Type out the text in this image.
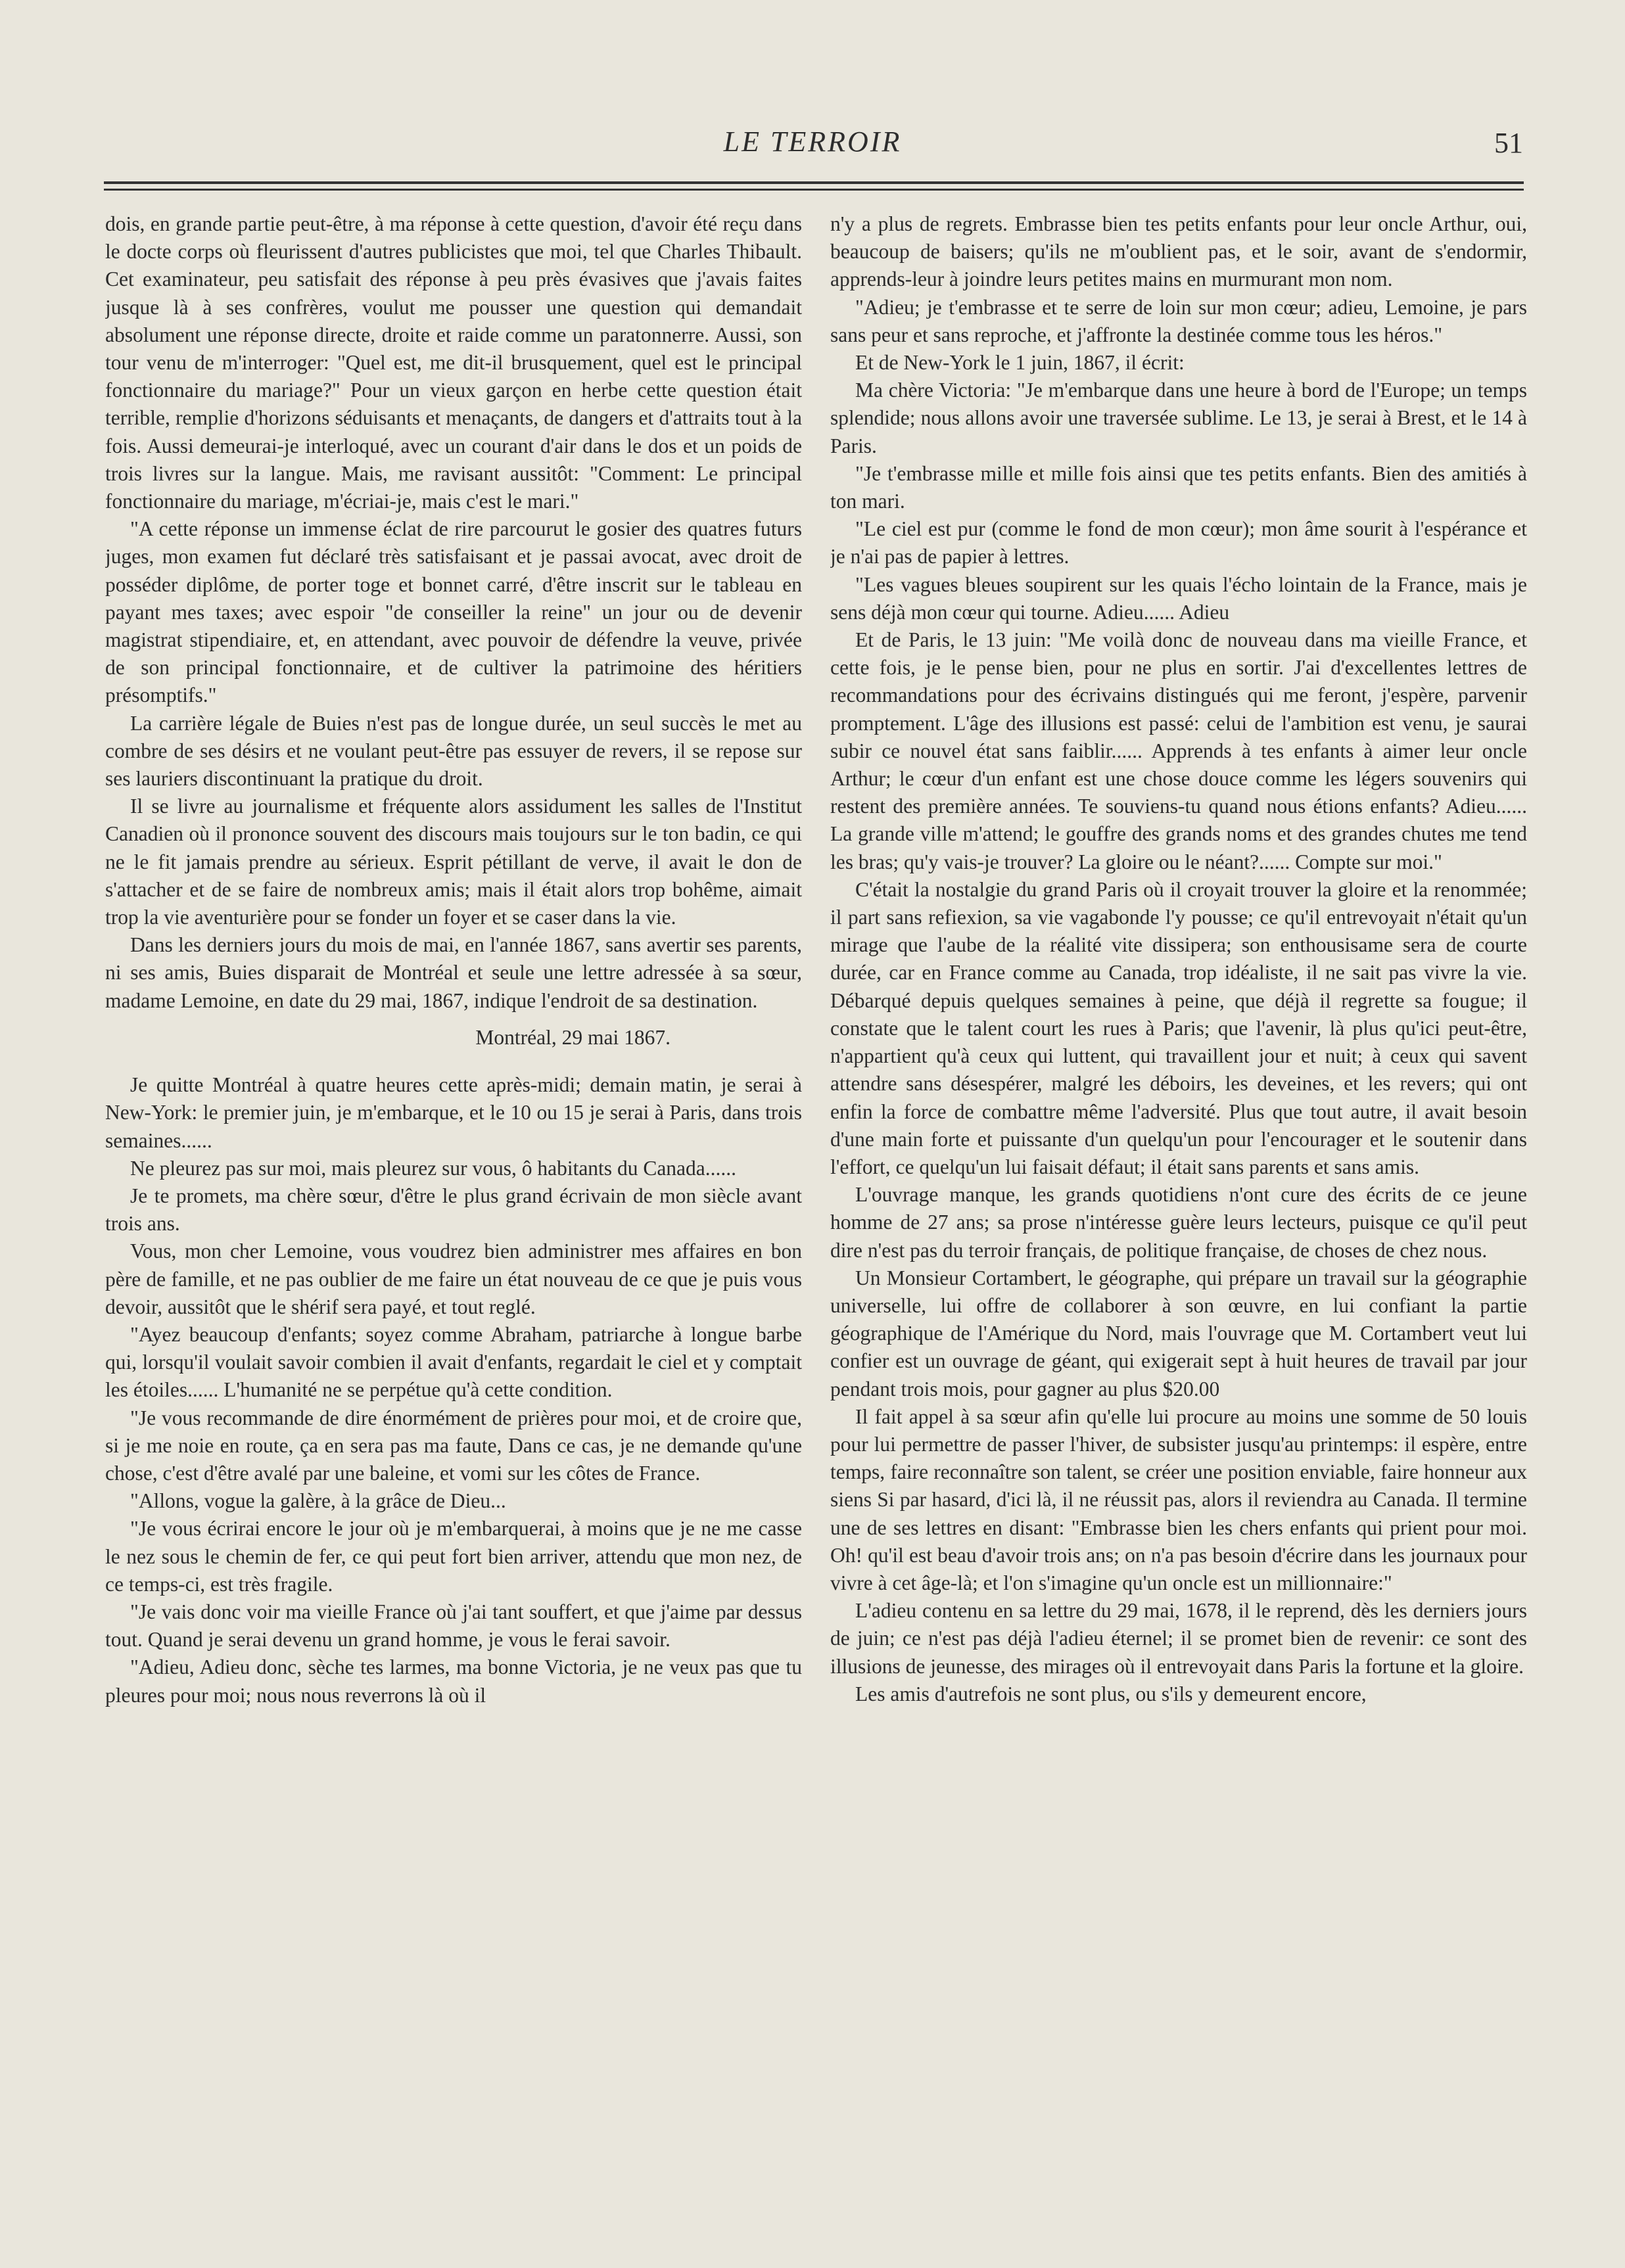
LE TERROIR	51

dois, en grande partie peut-être, à ma réponse à cette question, d'avoir été reçu dans le docte corps où fleurissent d'autres publicistes que moi, tel que Charles Thibault. Cet examinateur, peu satisfait des réponse à peu près évasives que j'avais faites jusque là à ses confrères, voulut me pousser une question qui demandait absolument une réponse directe, droite et raide comme un paratonnerre. Aussi, son tour venu de m'interroger: "Quel est, me dit-il brusquement, quel est le principal fonctionnaire du mariage?" Pour un vieux garçon en herbe cette question était terrible, remplie d'horizons séduisants et menaçants, de dangers et d'attraits tout à la fois. Aussi demeurai-je interloqué, avec un courant d'air dans le dos et un poids de trois livres sur la langue. Mais, me ravisant aussitôt: "Comment: Le principal fonctionnaire du mariage, m'écriai-je, mais c'est le mari."

"A cette réponse un immense éclat de rire parcourut le gosier des quatres futurs juges, mon examen fut déclaré très satisfaisant et je passai avocat, avec droit de posséder diplôme, de porter toge et bonnet carré, d'être inscrit sur le tableau en payant mes taxes; avec espoir "de conseiller la reine" un jour ou de devenir magistrat stipendiaire, et, en attendant, avec pouvoir de défendre la veuve, privée de son principal fonctionnaire, et de cultiver la patrimoine des héritiers présomptifs."

La carrière légale de Buies n'est pas de longue durée, un seul succès le met au combre de ses désirs et ne voulant peut-être pas essuyer de revers, il se repose sur ses lauriers discontinuant la pratique du droit.

Il se livre au journalisme et fréquente alors assidument les salles de l'Institut Canadien où il prononce souvent des discours mais toujours sur le ton badin, ce qui ne le fit jamais prendre au sérieux. Esprit pétillant de verve, il avait le don de s'attacher et de se faire de nombreux amis; mais il était alors trop bohême, aimait trop la vie aventurière pour se fonder un foyer et se caser dans la vie.

Dans les derniers jours du mois de mai, en l'année 1867, sans avertir ses parents, ni ses amis, Buies disparait de Montréal et seule une lettre adressée à sa sœur, madame Lemoine, en date du 29 mai, 1867, indique l'endroit de sa destination.

Montréal, 29 mai 1867.

Je quitte Montréal à quatre heures cette après-midi; demain matin, je serai à New-York: le premier juin, je m'embarque, et le 10 ou 15 je serai à Paris, dans trois semaines......

Ne pleurez pas sur moi, mais pleurez sur vous, ô habitants du Canada......

Je te promets, ma chère sœur, d'être le plus grand écrivain de mon siècle avant trois ans.

Vous, mon cher Lemoine, vous voudrez bien administrer mes affaires en bon père de famille, et ne pas oublier de me faire un état nouveau de ce que je puis vous devoir, aussitôt que le shérif sera payé, et tout reglé.

"Ayez beaucoup d'enfants; soyez comme Abraham, patriarche à longue barbe qui, lorsqu'il voulait savoir combien il avait d'enfants, regardait le ciel et y comptait les étoiles...... L'humanité ne se perpétue qu'à cette condition.

"Je vous recommande de dire énormément de prières pour moi, et de croire que, si je me noie en route, ça en sera pas ma faute, Dans ce cas, je ne demande qu'une chose, c'est d'être avalé par une baleine, et vomi sur les côtes de France.

"Allons, vogue la galère, à la grâce de Dieu...

"Je vous écrirai encore le jour où je m'embarquerai, à moins que je ne me casse le nez sous le chemin de fer, ce qui peut fort bien arriver, attendu que mon nez, de ce temps-ci, est très fragile.

"Je vais donc voir ma vieille France où j'ai tant souffert, et que j'aime par dessus tout. Quand je serai devenu un grand homme, je vous le ferai savoir.

"Adieu, Adieu donc, sèche tes larmes, ma bonne Victoria, je ne veux pas que tu pleures pour moi; nous nous reverrons là où il

n'y a plus de regrets. Embrasse bien tes petits enfants pour leur oncle Arthur, oui, beaucoup de baisers; qu'ils ne m'oublient pas, et le soir, avant de s'endormir, apprends-leur à joindre leurs petites mains en murmurant mon nom.

"Adieu; je t'embrasse et te serre de loin sur mon cœur; adieu, Lemoine, je pars sans peur et sans reproche, et j'affronte la destinée comme tous les héros."

Et de New-York le 1 juin, 1867, il écrit:

Ma chère Victoria: "Je m'embarque dans une heure à bord de l'Europe; un temps splendide; nous allons avoir une traversée sublime. Le 13, je serai à Brest, et le 14 à Paris.

"Je t'embrasse mille et mille fois ainsi que tes petits enfants. Bien des amitiés à ton mari.

"Le ciel est pur (comme le fond de mon cœur); mon âme sourit à l'espérance et je n'ai pas de papier à lettres.

"Les vagues bleues soupirent sur les quais l'écho lointain de la France, mais je sens déjà mon cœur qui tourne. Adieu...... Adieu

Et de Paris, le 13 juin: "Me voilà donc de nouveau dans ma vieille France, et cette fois, je le pense bien, pour ne plus en sortir. J'ai d'excellentes lettres de recommandations pour des écrivains distingués qui me feront, j'espère, parvenir promptement. L'âge des illusions est passé: celui de l'ambition est venu, je saurai subir ce nouvel état sans faiblir...... Apprends à tes enfants à aimer leur oncle Arthur; le cœur d'un enfant est une chose douce comme les légers souvenirs qui restent des première années. Te souviens-tu quand nous étions enfants? Adieu...... La grande ville m'attend; le gouffre des grands noms et des grandes chutes me tend les bras; qu'y vais-je trouver? La gloire ou le néant?...... Compte sur moi."

C'était la nostalgie du grand Paris où il croyait trouver la gloire et la renommée; il part sans refiexion, sa vie vagabonde l'y pousse; ce qu'il entrevoyait n'était qu'un mirage que l'aube de la réalité vite dissipera; son enthousisame sera de courte durée, car en France comme au Canada, trop idéaliste, il ne sait pas vivre la vie. Débarqué depuis quelques semaines à peine, que déjà il regrette sa fougue; il constate que le talent court les rues à Paris; que l'avenir, là plus qu'ici peut-être, n'appartient qu'à ceux qui luttent, qui travaillent jour et nuit; à ceux qui savent attendre sans désespérer, malgré les déboirs, les deveines, et les revers; qui ont enfin la force de combattre même l'adversité. Plus que tout autre, il avait besoin d'une main forte et puissante d'un quelqu'un pour l'encourager et le soutenir dans l'effort, ce quelqu'un lui faisait défaut; il était sans parents et sans amis.

L'ouvrage manque, les grands quotidiens n'ont cure des écrits de ce jeune homme de 27 ans; sa prose n'intéresse guère leurs lecteurs, puisque ce qu'il peut dire n'est pas du terroir français, de politique française, de choses de chez nous.

Un Monsieur Cortambert, le géographe, qui prépare un travail sur la géographie universelle, lui offre de collaborer à son œuvre, en lui confiant la partie géographique de l'Amérique du Nord, mais l'ouvrage que M. Cortambert veut lui confier est un ouvrage de géant, qui exigerait sept à huit heures de travail par jour pendant trois mois, pour gagner au plus $20.00

Il fait appel à sa sœur afin qu'elle lui procure au moins une somme de 50 louis pour lui permettre de passer l'hiver, de subsister jusqu'au printemps: il espère, entre temps, faire reconnaître son talent, se créer une position enviable, faire honneur aux siens Si par hasard, d'ici là, il ne réussit pas, alors il reviendra au Canada. Il termine une de ses lettres en disant: "Embrasse bien les chers enfants qui prient pour moi. Oh! qu'il est beau d'avoir trois ans; on n'a pas besoin d'écrire dans les journaux pour vivre à cet âge-là; et l'on s'imagine qu'un oncle est un millionnaire:"

L'adieu contenu en sa lettre du 29 mai, 1678, il le reprend, dès les derniers jours de juin; ce n'est pas déjà l'adieu éternel; il se promet bien de revenir: ce sont des illusions de jeunesse, des mirages où il entrevoyait dans Paris la fortune et la gloire.

Les amis d'autrefois ne sont plus, ou s'ils y demeurent encore,
